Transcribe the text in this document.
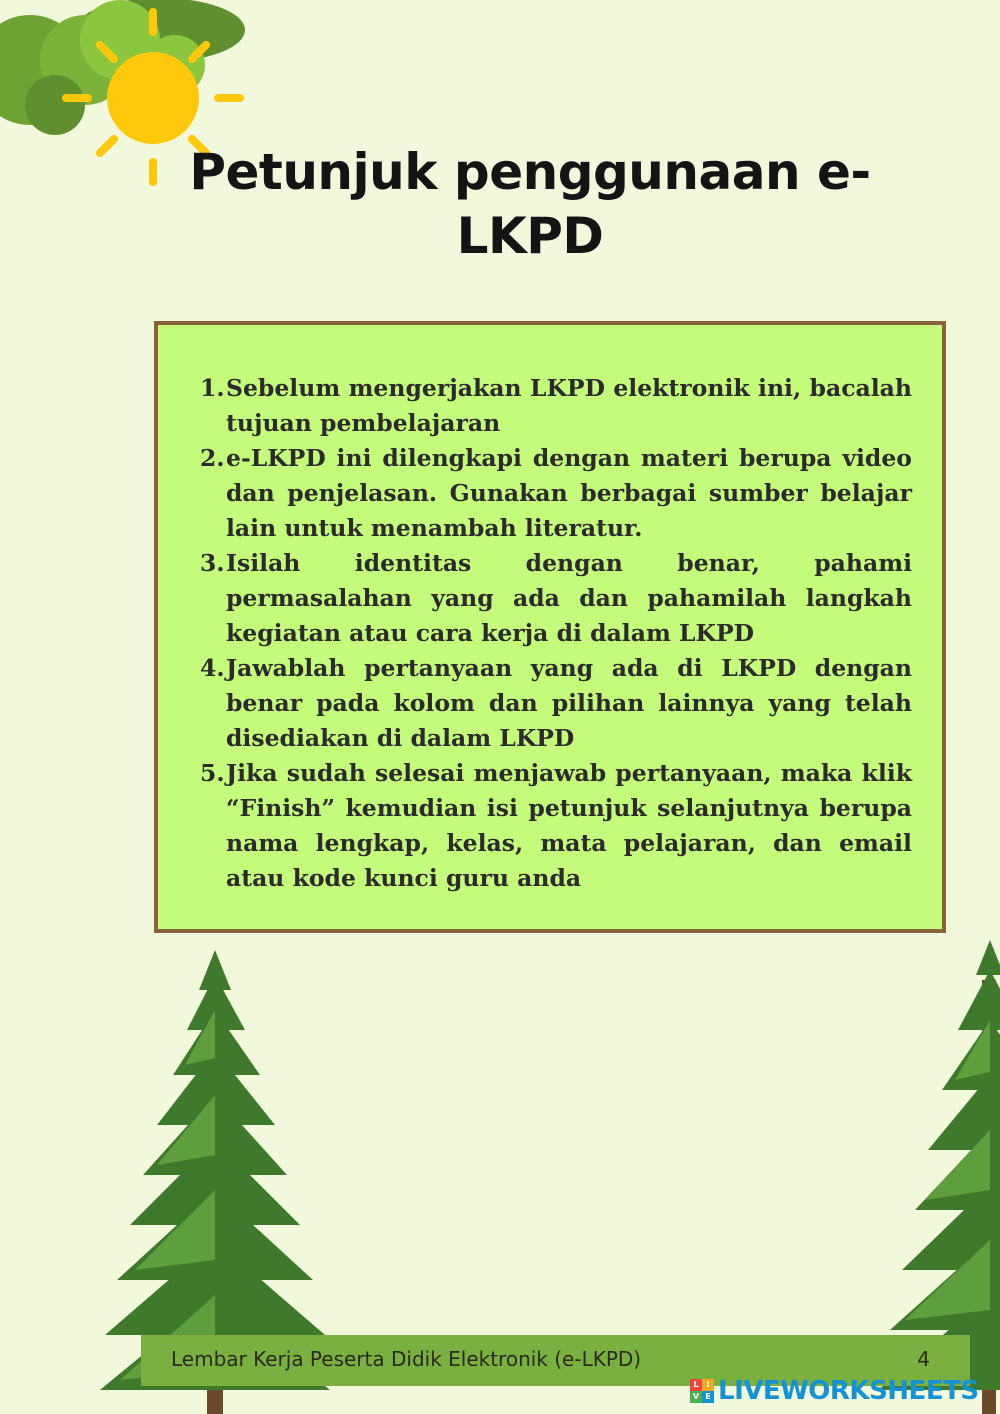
Petunjuk penggunaan e-
LKPD
1. Sebelum mengerjakan LKPD elektronik ini, bacalah tujuan pembelajaran
2. e-LKPD ini dilengkapi dengan materi berupa video dan penjelasan. Gunakan berbagai sumber belajar lain untuk menambah literatur.
3. Isilah identitas dengan benar, pahami permasalahan yang ada dan pahamilah langkah kegiatan atau cara kerja di dalam LKPD
4. Jawablah pertanyaan yang ada di LKPD dengan benar pada kolom dan pilihan lainnya yang telah disediakan di dalam LKPD
5. Jika sudah selesai menjawab pertanyaan, maka klik “Finish” kemudian isi petunjuk selanjutnya berupa nama lengkap, kelas, mata pelajaran, dan email atau kode kunci guru anda
Lembar Kerja Peserta Didik Elektronik (e-LKPD)	4
L I
V E LIVEWORKSHEETS
